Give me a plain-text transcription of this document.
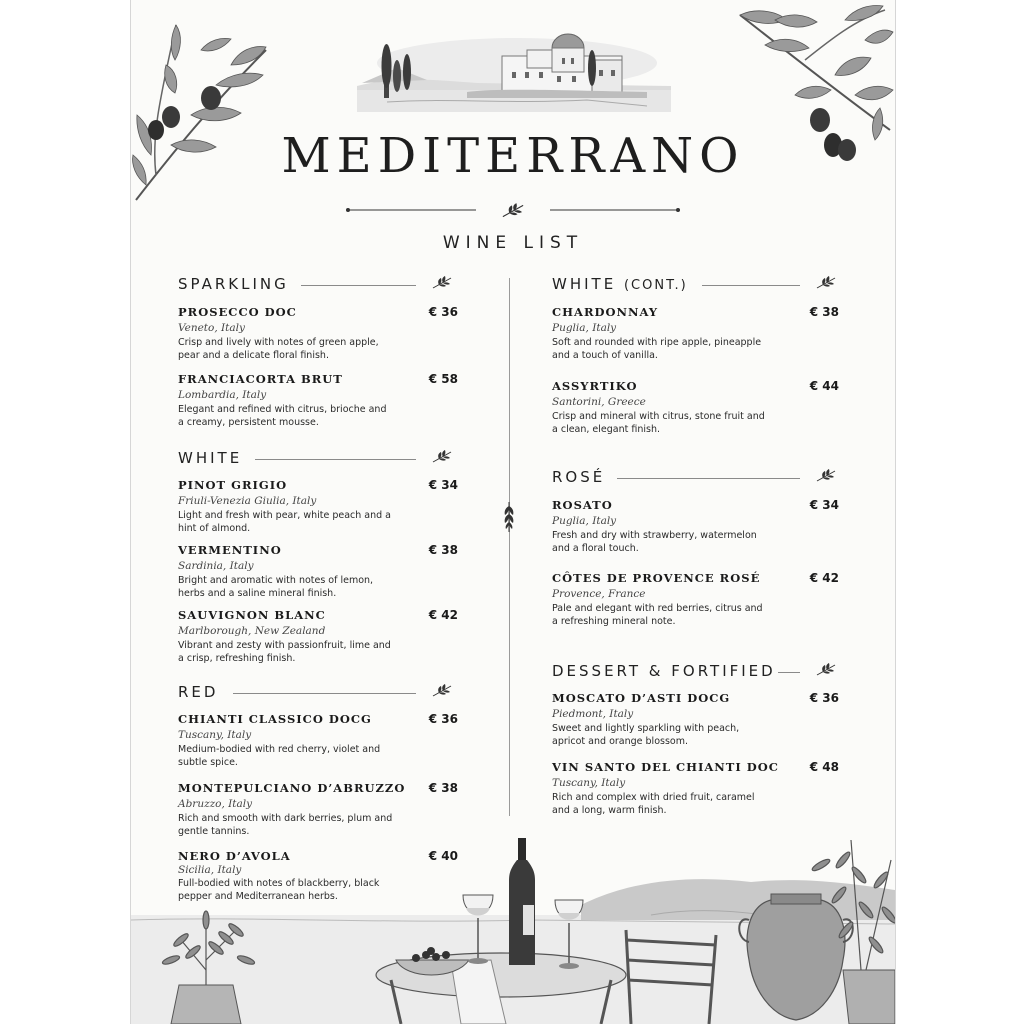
MEDITERRANO
WINE LIST
SPARKLING
PROSECCO DOC	€ 36
Veneto, Italy
Crisp and lively with notes of green apple, pear and a delicate floral finish.
FRANCIACORTA BRUT	€ 58
Lombardia, Italy
Elegant and refined with citrus, brioche and a creamy, persistent mousse.
WHITE
PINOT GRIGIO	€ 34
Friuli-Venezia Giulia, Italy
Light and fresh with pear, white peach and a hint of almond.
VERMENTINO	€ 38
Sardinia, Italy
Bright and aromatic with notes of lemon, herbs and a saline mineral finish.
SAUVIGNON BLANC	€ 42
Marlborough, New Zealand
Vibrant and zesty with passionfruit, lime and a crisp, refreshing finish.
RED
CHIANTI CLASSICO DOCG	€ 36
Tuscany, Italy
Medium-bodied with red cherry, violet and subtle spice.
MONTEPULCIANO D’ABRUZZO € 38
Abruzzo, Italy
Rich and smooth with dark berries, plum and gentle tannins.
NERO D’AVOLA	€ 40
Sicilia, Italy
Full-bodied with notes of blackberry, black pepper and Mediterranean herbs.
WHITE (CONT.)
CHARDONNAY	€ 38
Puglia, Italy
Soft and rounded with ripe apple, pineapple and a touch of vanilla.
ASSYRTIKO	€ 44
Santorini, Greece
Crisp and mineral with citrus, stone fruit and a clean, elegant finish.
ROSÉ
ROSATO	€ 34
Puglia, Italy
Fresh and dry with strawberry, watermelon and a floral touch.
CÔTES DE PROVENCE ROSÉ	€ 42
Provence, France
Pale and elegant with red berries, citrus and a refreshing mineral note.
DESSERT & FORTIFIED
MOSCATO D’ASTI DOCG	€ 36
Piedmont, Italy
Sweet and lightly sparkling with peach, apricot and orange blossom.
VIN SANTO DEL CHIANTI DOC	€ 48
Tuscany, Italy
Rich and complex with dried fruit, caramel and a long, warm finish.
